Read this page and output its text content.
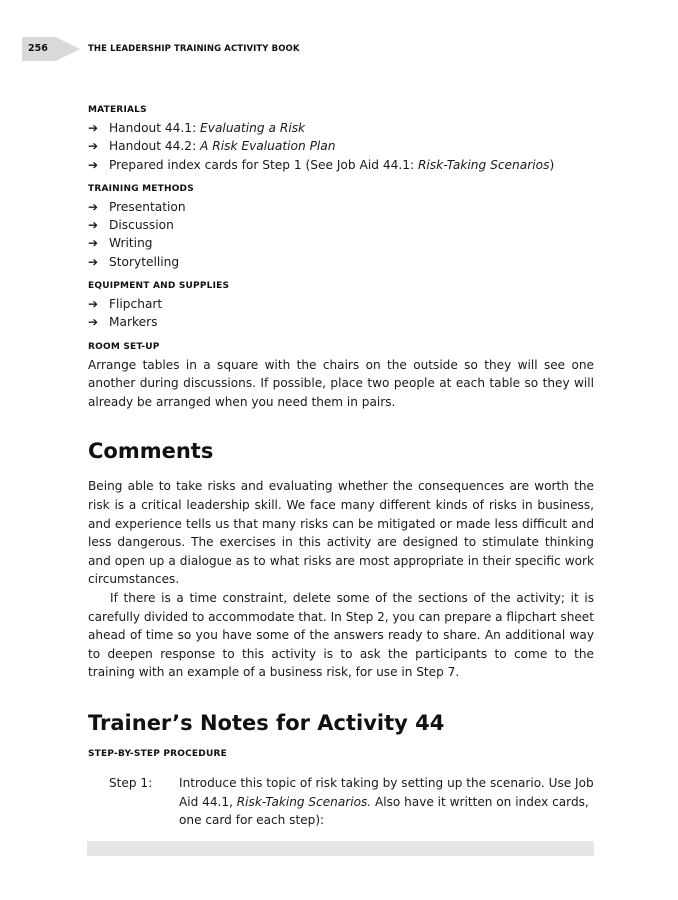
256	THE LEADERSHIP TRAINING ACTIVITY BOOK
MATERIALS
➔ Handout 44.1: Evaluating a Risk
➔ Handout 44.2: A Risk Evaluation Plan
➔ Prepared index cards for Step 1 (See Job Aid 44.1: Risk-Taking Scenarios)
TRAINING METHODS
➔ Presentation
➔ Discussion
➔ Writing
➔ Storytelling
EQUIPMENT AND SUPPLIES
➔ Flipchart
➔ Markers
ROOM SET-UP

Arrange tables in a square with the chairs on the outside so they will see one another during discussions. If possible, place two people at each table so they will already be arranged when you need them in pairs.

Comments

Being able to take risks and evaluating whether the consequences are worth the risk is a critical leadership skill. We face many different kinds of risks in business, and experience tells us that many risks can be mitigated or made less difficult and less dangerous. The exercises in this activity are designed to stimulate thinking and open up a dialogue as to what risks are most appropriate in their specific work circumstances.

If there is a time constraint, delete some of the sections of the activity; it is carefully divided to accommodate that. In Step 2, you can prepare a flipchart sheet ahead of time so you have some of the answers ready to share. An additional way to deepen response to this activity is to ask the participants to come to the training with an example of a business risk, for use in Step 7.

Trainer’s Notes for Activity 44
STEP-BY-STEP PROCEDURE
Step 1: Introduce this topic of risk taking by setting up the scenario. Use Job Aid 44.1, Risk-Taking Scenarios. Also have it written on index cards, one card for each step):
